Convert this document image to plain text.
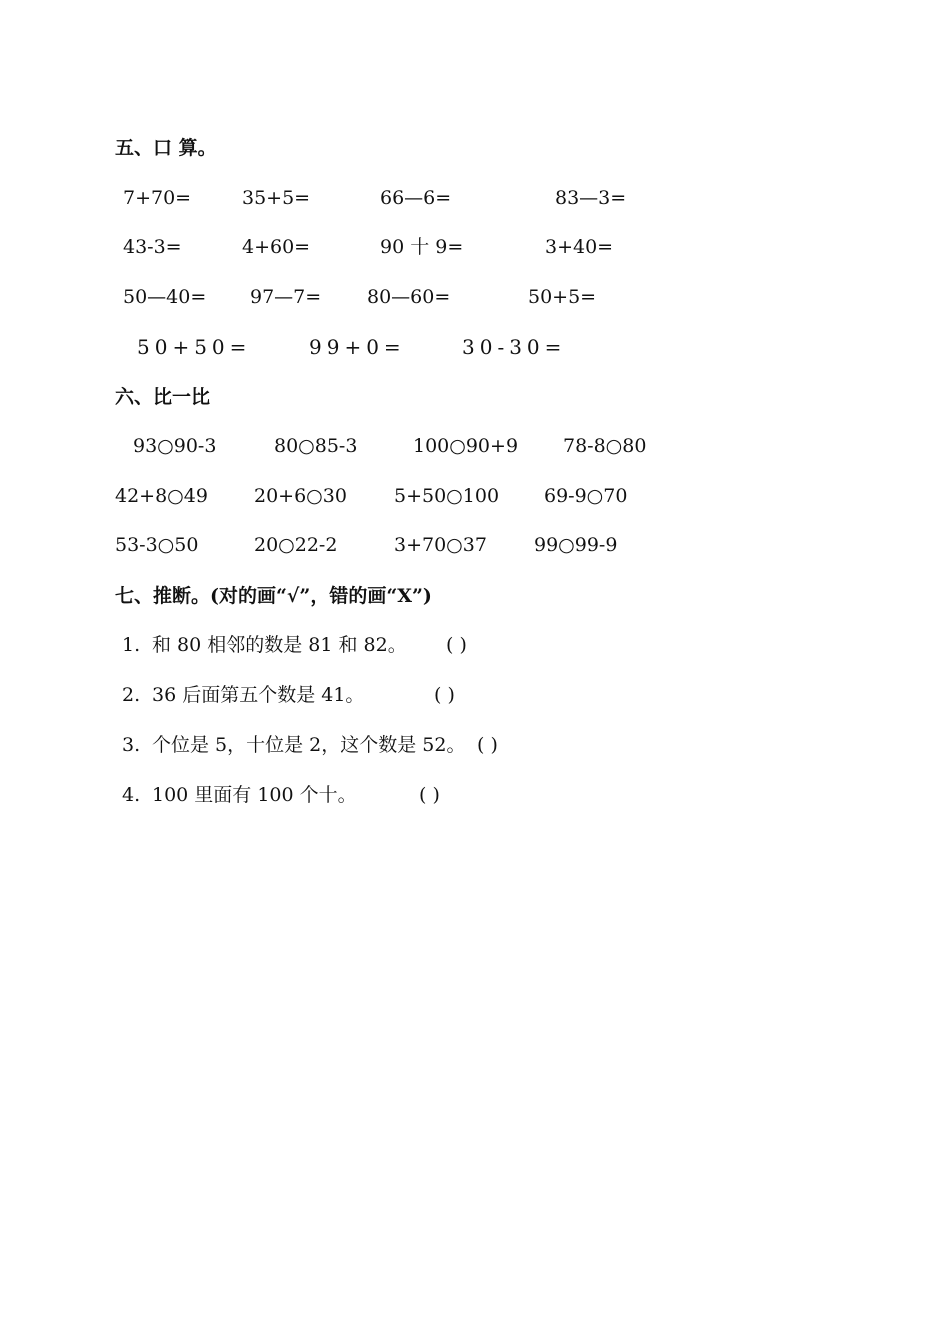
五、口 算。
7+70=	35+5=	66—6=	83—3=
43-3=	4+60=	90 十 9=	3+40=
50—40= 97—7= 80—60=	50+5=
50+50=	99+0=	30-30=
六、比一比
93○90-3	80○85-3	100○90+9 78-8○80
42+8○49 20+6○30 5+50○100 69-9○70
53-3○50	20○22-2	3+70○37 99○99-9
七、推断。(对的画“√”，错的画“X”)
1. 和 80 相邻的数是 81 和 82。 ( )
2. 36 后面第五个数是 41。	( )
3. 个位是 5，十位是 2，这个数是 52。 ( )
4. 100 里面有 100 个十。	( )
